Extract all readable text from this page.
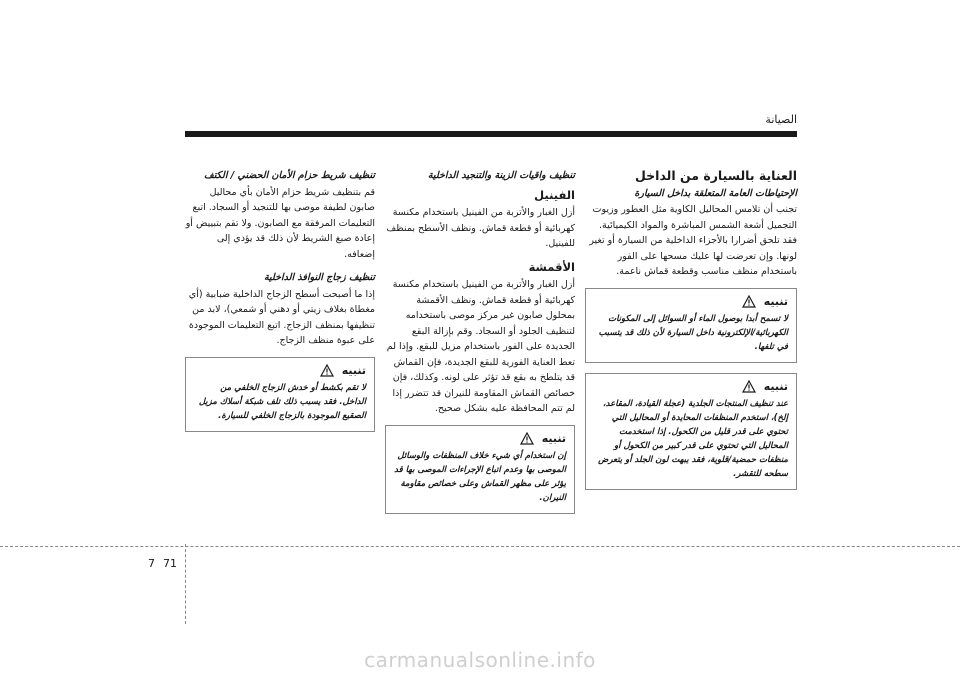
الصيانة
العناية بالسيارة من الداخل
الإحتياطات العامة المتعلقة بداخل السيارة
تجنب أن تلامس المحاليل الكاوية مثل العطور وزيوت التجميل أشعة الشمس المباشرة والمواد الكيميائية. فقد تلحق أضرارا بالأجزاء الداخلية من السيارة أو تغير لونها. وإن تعرضت لها عليك مسحها على الفور باستخدام منظف مناسب وقطعة قماش ناعمة.
تنبيه
لا تسمح أبدا بوصول الماء أو السوائل إلى المكونات الكهربائية/الإلكترونية داخل السيارة لأن ذلك قد يتسبب في تلفها.
تنبيه
عند تنظيف المنتجات الجلدية (عجلة القيادة، المقاعد، إلخ)، استخدم المنظفات المحايدة أو المحاليل التي تحتوي على قدر قليل من الكحول. إذا استخدمت المحاليل التي تحتوي على قدر كبير من الكحول أو منظفات حمضية/قلوية، فقد يبهت لون الجلد أو يتعرض سطحه للتقشر.
تنظيف واقيات الزينة والتنجيد الداخلية
الفينيل
أزل الغبار والأتربة من الفينيل باستخدام مكنسة كهربائية أو قطعة قماش. ونظف الأسطح بمنظف للفينيل.
الأقمشة
أزل الغبار والأتربة من الفينيل باستخدام مكنسة كهربائية أو قطعة قماش. ونظف الأقمشة بمحلول صابون غير مركز موصى باستخدامه لتنظيف الجلود أو السجاد. وقم بإزالة البقع الجديدة على الفور باستخدام مزيل للبقع. وإذا لم تعط العناية الفورية للبقع الجديدة، فإن القماش قد يتلطخ به بقع قد تؤثر على لونه. وكذلك، فإن خصائص القماش المقاومة للنيران قد تتضرر إذا لم تتم المحافظة عليه بشكل صحيح.
تنبيه
إن استخدام أي شيء خلاف المنظفات والوسائل الموصى بها وعدم اتباع الإجراءات الموصى بها قد يؤثر على مظهر القماش وعلى خصائص مقاومة النيران.
تنظيف شريط حزام الأمان الحضني / الكتف
قم بتنظيف شريط حزام الأمان بأي محاليل صابون لطيفة موصى بها للتنجيد أو السجاد. اتبع التعليمات المرفقة مع الصابون. ولا تقم بتبييض أو إعادة صبغ الشريط لأن ذلك قد يؤدي إلى إضعافه.
تنظيف زجاج النوافذ الداخلية
إذا ما أصبحت أسطح الزجاج الداخلية ضبابية (أي مغطاة بغلاف زيتي أو دهني أو شمعي)، لابد من تنظيفها بمنظف الزجاج. اتبع التعليمات الموجودة على عبوة منظف الزجاج.
تنبيه
لا تقم بكشط أو خدش الزجاج الخلفي من الداخل. فقد يسبب ذلك تلف شبكة أسلاك مزيل الصقيع الموجودة بالزجاج الخلفي للسيارة.
7 71
carmanualsonline.info
